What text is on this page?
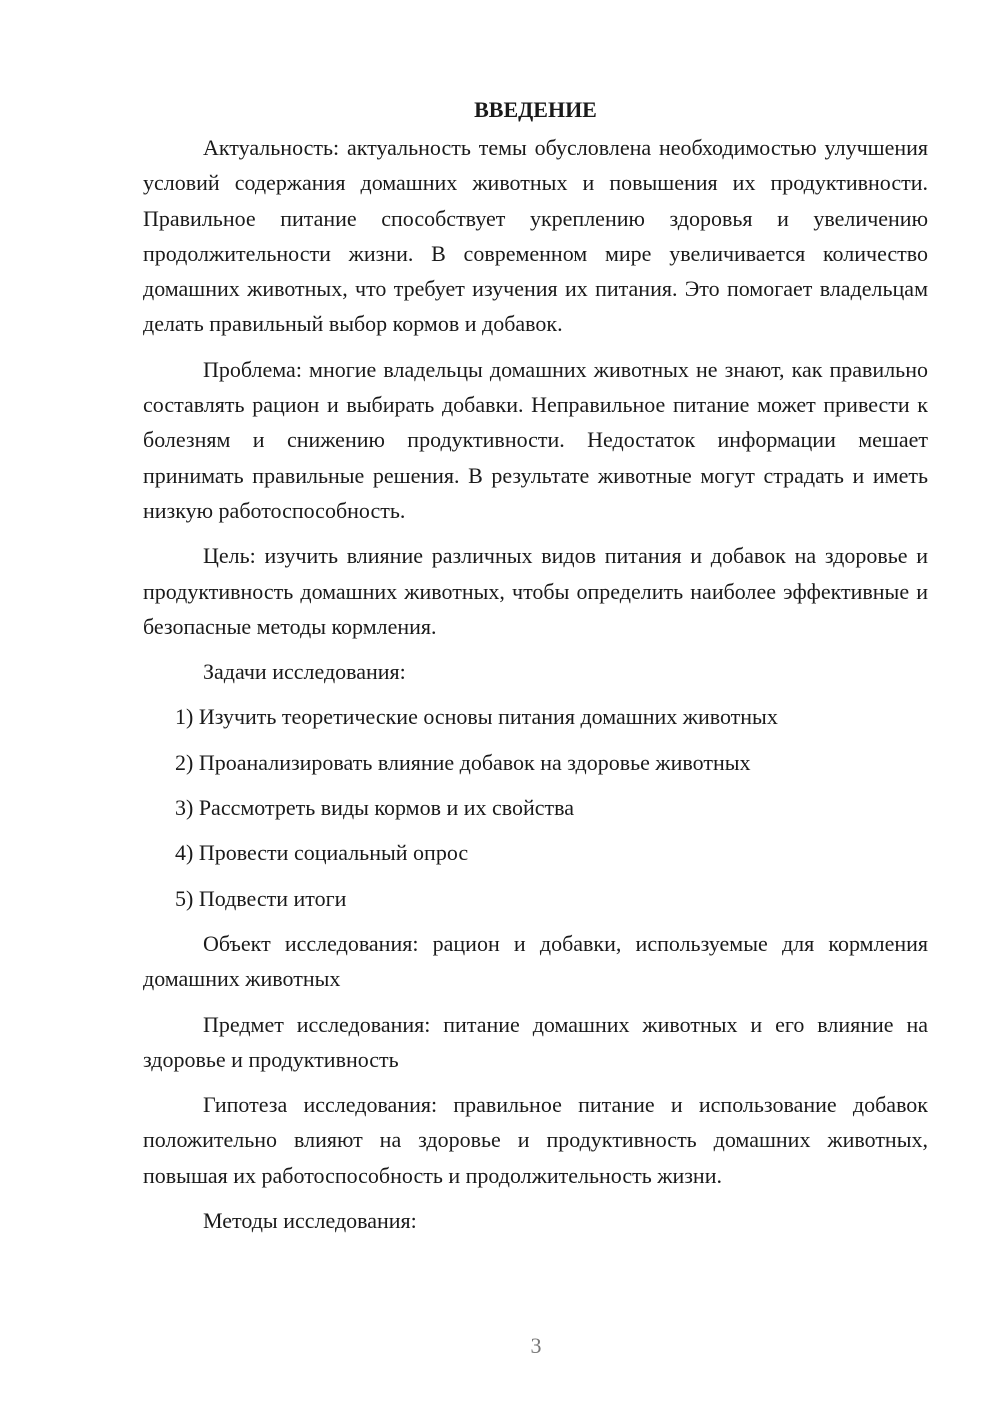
ВВЕДЕНИЕ

Актуальность: актуальность темы обусловлена необходимостью улучшения условий содержания домашних животных и повышения их продуктивности. Правильное питание способствует укреплению здоровья и увеличению продолжительности жизни. В современном мире увеличивается количество домашних животных, что требует изучения их питания. Это помогает владельцам делать правильный выбор кормов и добавок.

Проблема: многие владельцы домашних животных не знают, как правильно составлять рацион и выбирать добавки. Неправильное питание может привести к болезням и снижению продуктивности. Недостаток информации мешает принимать правильные решения. В результате животные могут страдать и иметь низкую работоспособность.

Цель: изучить влияние различных видов питания и добавок на здоровье и продуктивность домашних животных, чтобы определить наиболее эффективные и безопасные методы кормления.

Задачи исследования:

1) Изучить теоретические основы питания домашних животных
2) Проанализировать влияние добавок на здоровье животных
3) Рассмотреть виды кормов и их свойства
4) Провести социальный опрос
5) Подвести итоги

Объект исследования: рацион и добавки, используемые для кормления домашних животных

Предмет исследования: питание домашних животных и его влияние на здоровье и продуктивность

Гипотеза исследования: правильное питание и использование добавок положительно влияют на здоровье и продуктивность домашних животных, повышая их работоспособность и продолжительность жизни.

Методы исследования:

3
